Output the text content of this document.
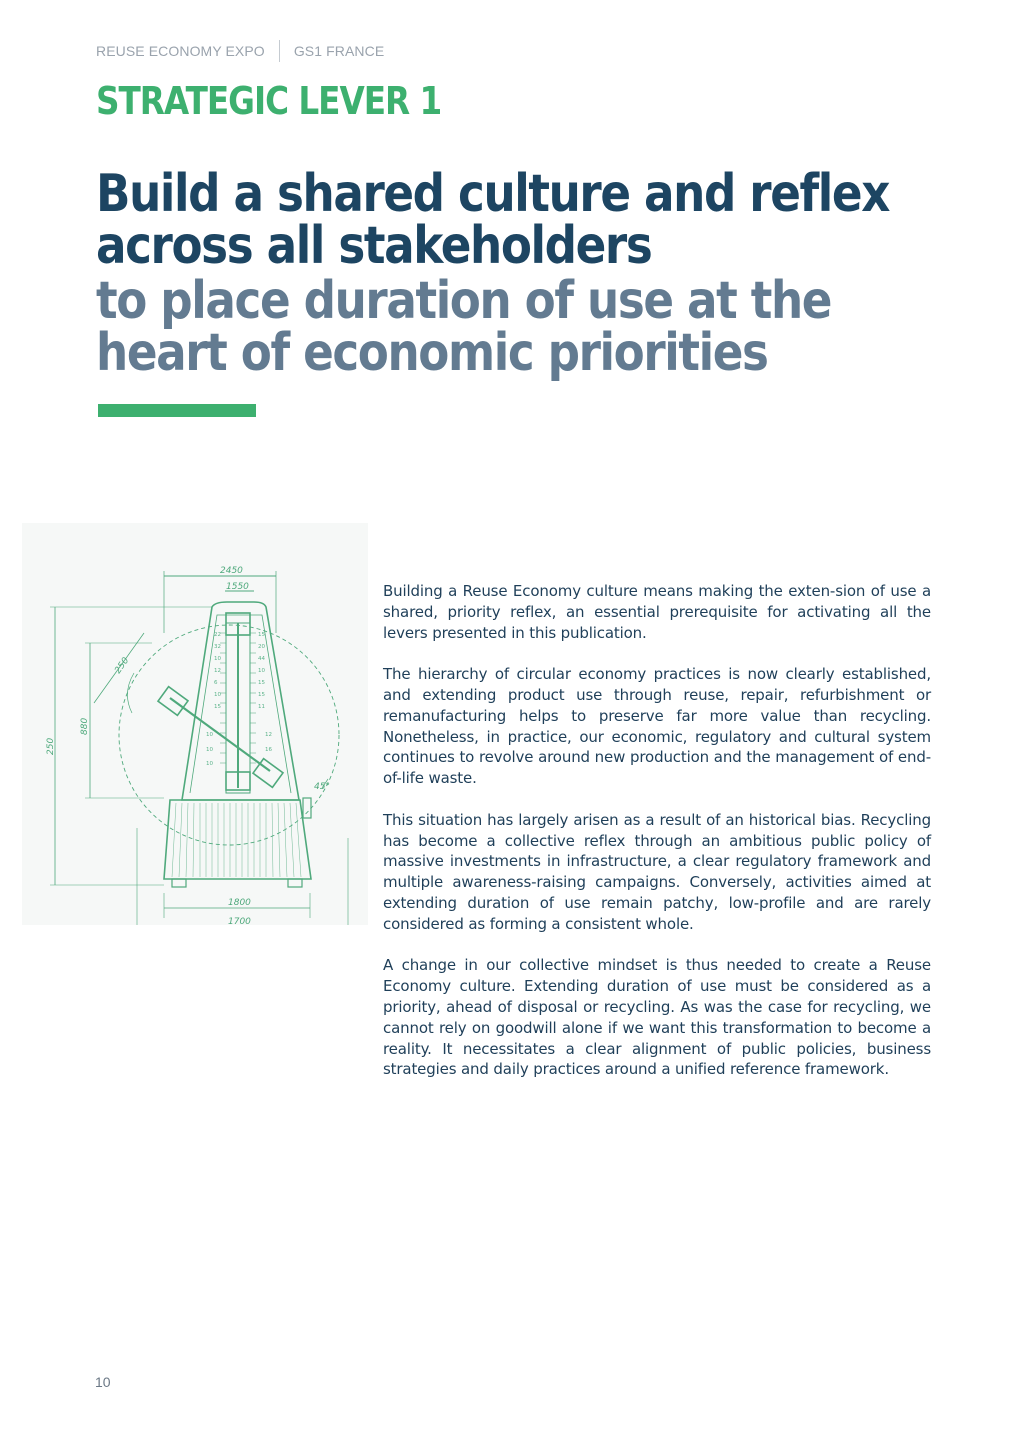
REUSE ECONOMY EXPO GS1 FRANCE
STRATEGIC LEVER 1
Build a shared culture and reflex
across all stakeholders
to place duration of use at the
heart of economic priorities
2450
1550
1800
1700
250
880
250
45°
22
32
10
12
6
10
15
10
10
10
15
20
44
10
15
15
11
12
16

Building a Reuse Economy culture means making the exten-sion of use a shared, priority reflex, an essential prerequisite for activating all the levers presented in this publication.

The hierarchy of circular economy practices is now clearly established, and extending product use through reuse, repair, refurbishment or remanufacturing helps to preserve far more value than recycling. Nonetheless, in practice, our economic, regulatory and cultural system continues to revolve around new production and the management of end-of-life waste.

This situation has largely arisen as a result of an historical bias. Recycling has become a collective reflex through an ambitious public policy of massive investments in infrastructure, a clear regulatory framework and multiple awareness-raising campaigns. Conversely, activities aimed at extending duration of use remain patchy, low-profile and are rarely considered as forming a consistent whole.

A change in our collective mindset is thus needed to create a Reuse Economy culture. Extending duration of use must be considered as a priority, ahead of disposal or recycling. As was the case for recycling, we cannot rely on goodwill alone if we want this transformation to become a reality. It necessitates a clear alignment of public policies, business strategies and daily practices around a unified reference framework.

10
